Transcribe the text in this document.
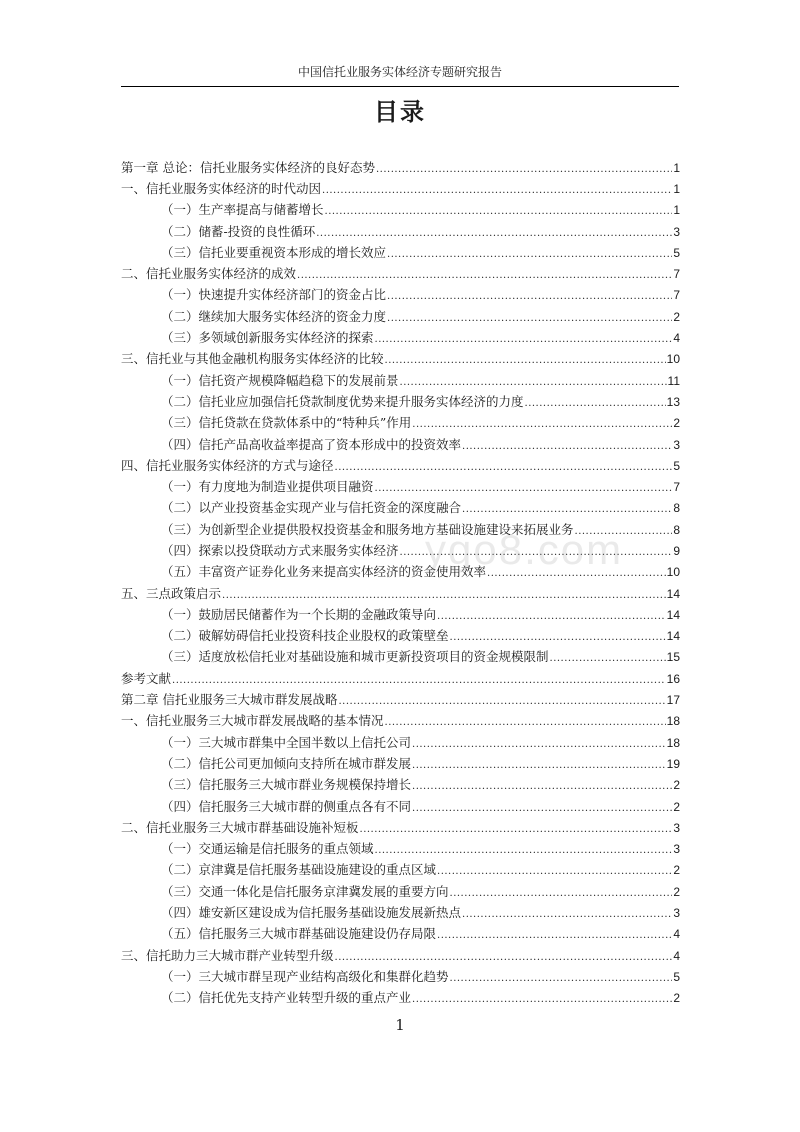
中国信托业服务实体经济专题研究报告
目录
第一章 总论：信托业服务实体经济的良好态势 .....	1
一、信托业服务实体经济的时代动因 .....	1
（一）生产率提高与储蓄增长 .....	1
（二）储蓄-投资的良性循环 .....	3
（三）信托业要重视资本形成的增长效应 .....	5
二、信托业服务实体经济的成效 .....	7
（一）快速提升实体经济部门的资金占比 .....	7
（二）继续加大服务实体经济的资金力度 .....	2
（三）多领域创新服务实体经济的探索 .....	4
三、信托业与其他金融机构服务实体经济的比较 .....	10
（一）信托资产规模降幅趋稳下的发展前景 .....	11
（二）信托业应加强信托贷款制度优势来提升服务实体经济的力度 .....	13
（三）信托贷款在贷款体系中的“特种兵”作用 .....	2
（四）信托产品高收益率提高了资本形成中的投资效率 .....	3
四、信托业服务实体经济的方式与途径 .....	5
（一）有力度地为制造业提供项目融资 .....	7
（二）以产业投资基金实现产业与信托资金的深度融合 .....	8
（三）为创新型企业提供股权投资基金和服务地方基础设施建设来拓展业务 .....	8
（四）探索以投贷联动方式来服务实体经济 .....	9
（五）丰富资产证券化业务来提高实体经济的资金使用效率 .....	10
五、三点政策启示 .....	14
（一）鼓励居民储蓄作为一个长期的金融政策导向 .....	14
（二）破解妨碍信托业投资科技企业股权的政策壁垒 .....	14
（三）适度放松信托业对基础设施和城市更新投资项目的资金规模限制 .....	15
参考文献 .....	16
第二章 信托业服务三大城市群发展战略 .....	17
一、信托业服务三大城市群发展战略的基本情况 .....	18
（一）三大城市群集中全国半数以上信托公司 .....	18
（二）信托公司更加倾向支持所在城市群发展 .....	19
（三）信托服务三大城市群业务规模保持增长 .....	2
（四）信托服务三大城市群的侧重点各有不同 .....	2
二、信托业服务三大城市群基础设施补短板 .....	3
（一）交通运输是信托服务的重点领域 .....	3
（二）京津冀是信托服务基础设施建设的重点区域 .....	2
（三）交通一体化是信托服务京津冀发展的重要方向 .....	2
（四）雄安新区建设成为信托服务基础设施发展新热点 .....	3
（五）信托服务三大城市群基础设施建设仍存局限 .....	4
三、信托助力三大城市群产业转型升级 .....	4
（一）三大城市群呈现产业结构高级化和集群化趋势 .....	5
（二）信托优先支持产业转型升级的重点产业 .....	2
ygo8.com
1
